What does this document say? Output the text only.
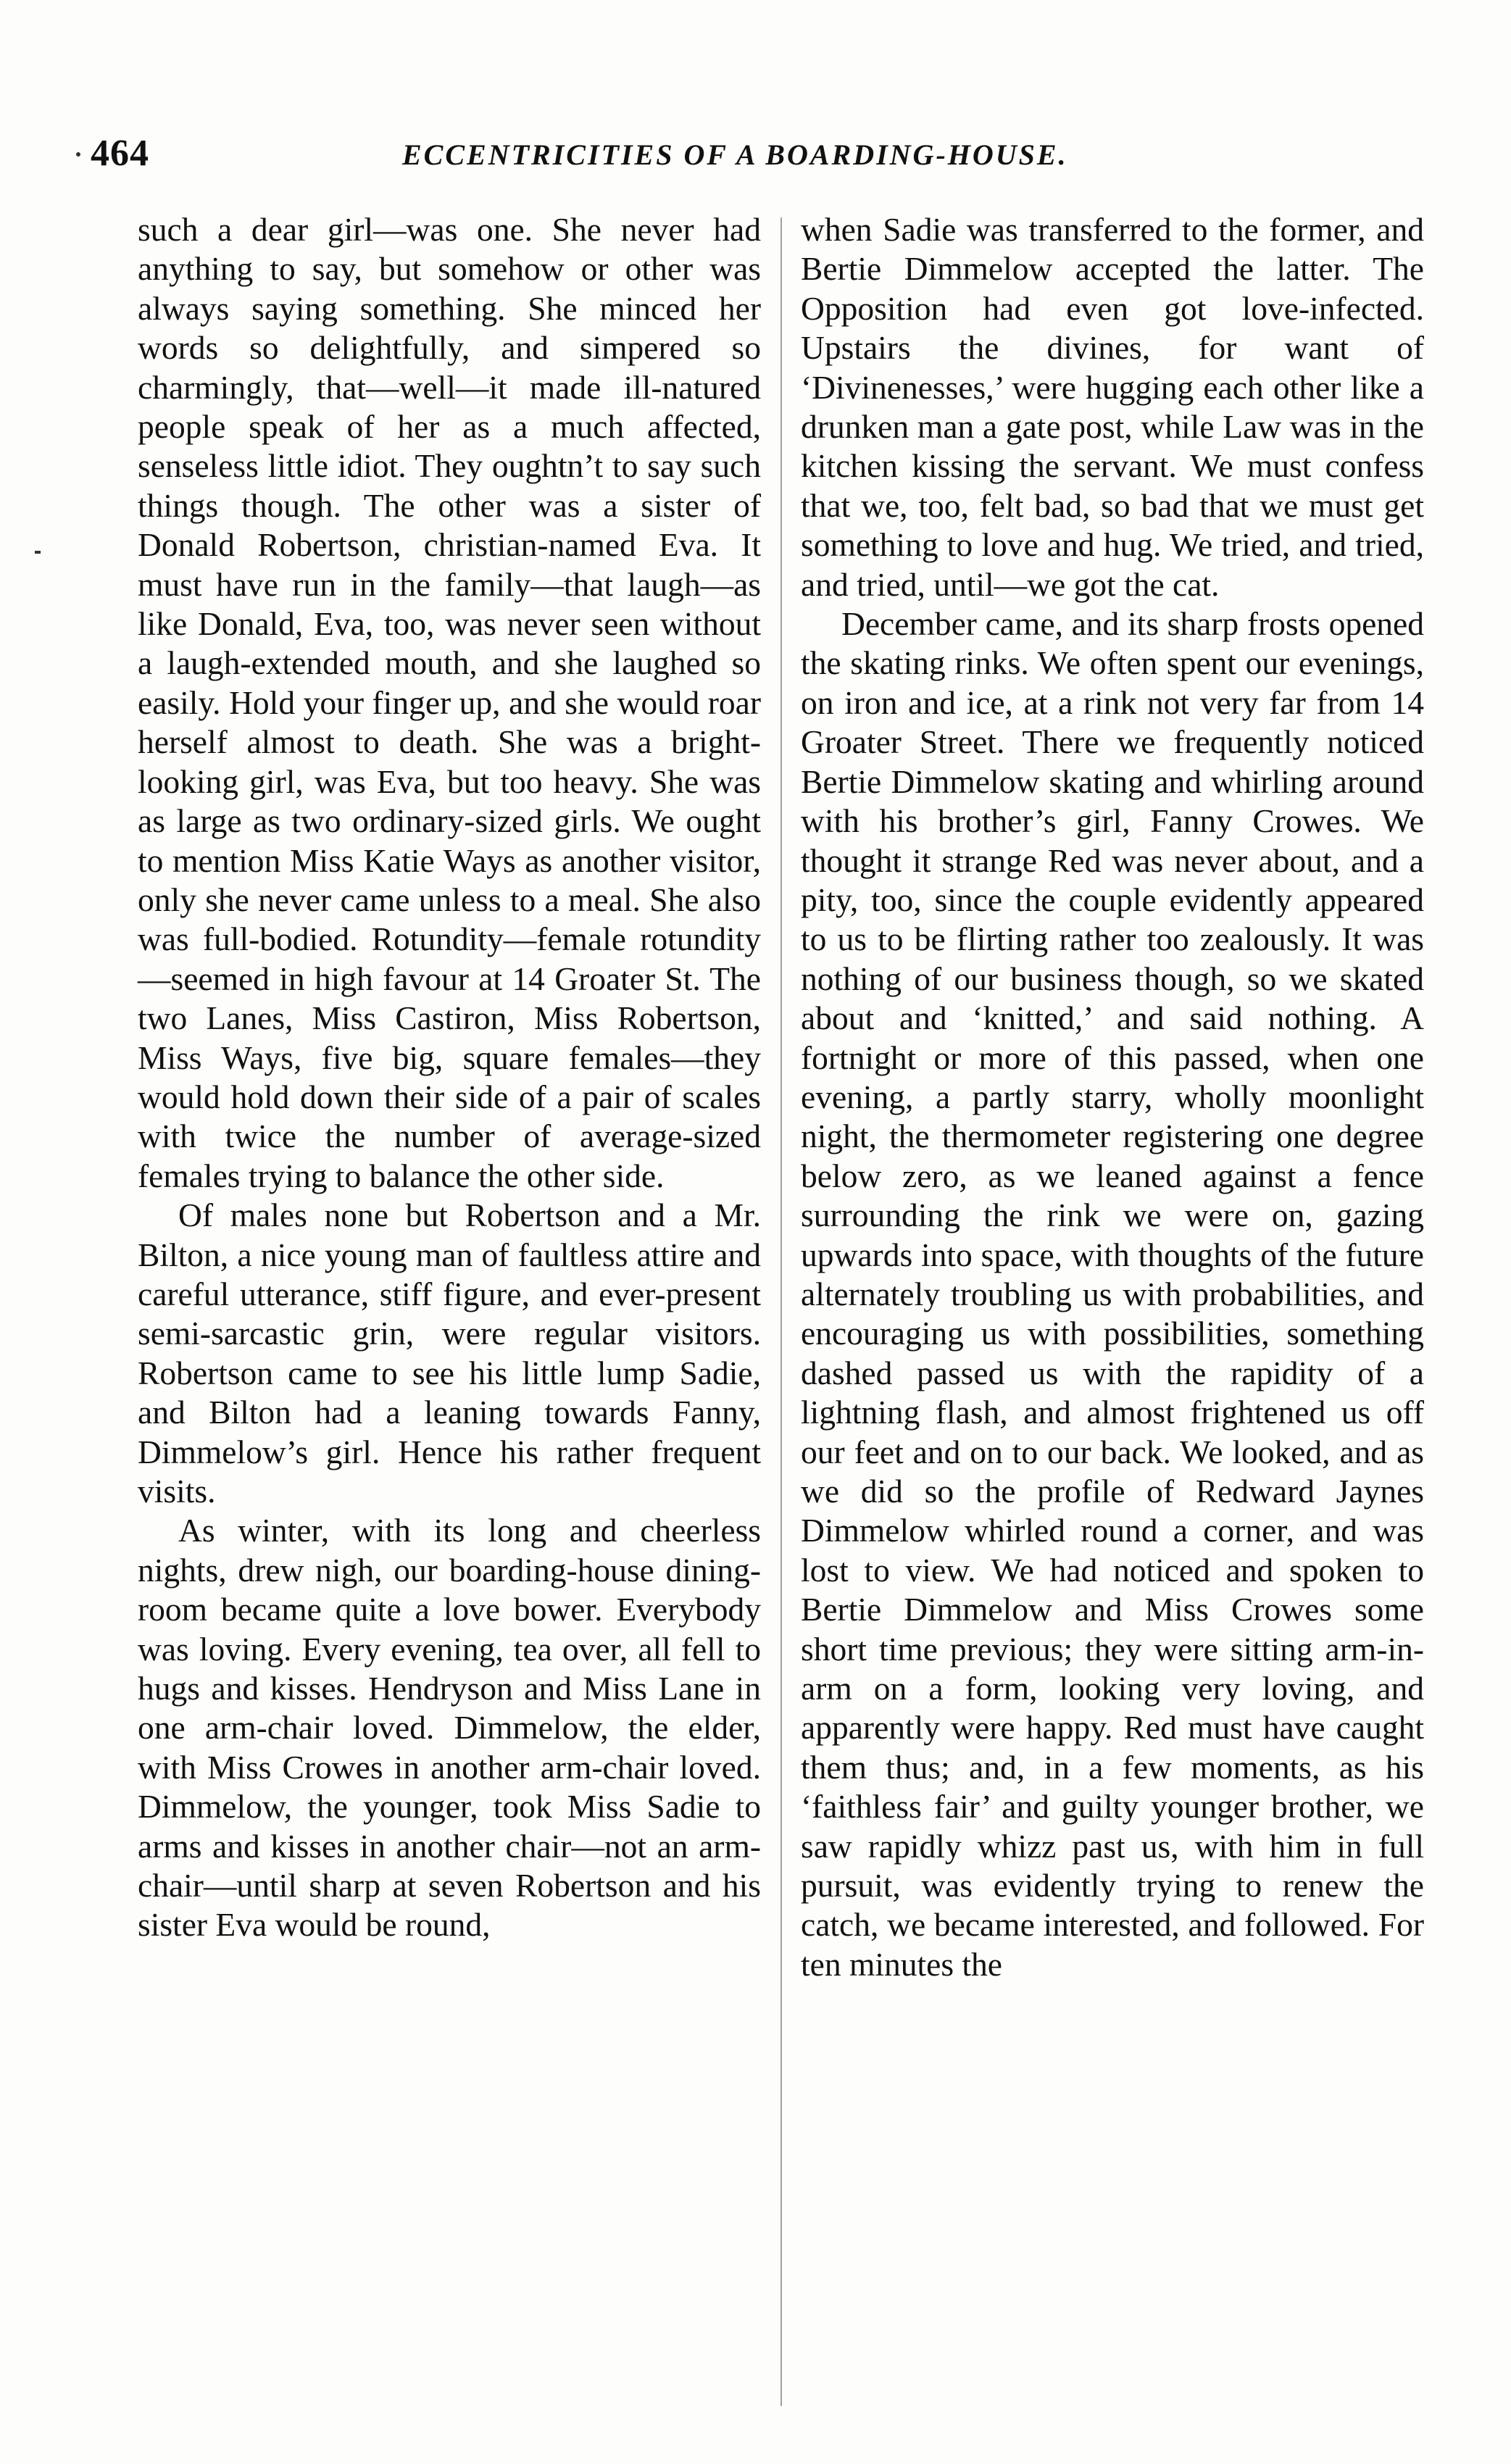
464	ECCENTRICITIES OF A BOARDING-HOUSE.

such a dear girl—was one. She never had anything to say, but somehow or other was always saying something. She minced her words so delightfully, and simpered so charmingly, that—well—it made ill-natured people speak of her as a much affected, senseless little idiot. They oughtn’t to say such things though. The other was a sister of Donald Robertson, christian-named Eva. It must have run in the family—that laugh—as like Donald, Eva, too, was never seen without a laugh-extended mouth, and she laughed so easily. Hold your finger up, and she would roar herself almost to death. She was a bright-looking girl, was Eva, but too heavy. She was as large as two ordinary-sized girls. We ought to mention Miss Katie Ways as another visitor, only she never came unless to a meal. She also was full-bodied. Rotundity—female rotundity—seemed in high favour at 14 Groater St. The two Lanes, Miss Castiron, Miss Robertson, Miss Ways, five big, square females—they would hold down their side of a pair of scales with twice the number of average-sized females trying to balance the other side.

Of males none but Robertson and a Mr. Bilton, a nice young man of faultless attire and careful utterance, stiff figure, and ever-present semi-sarcastic grin, were regular visitors. Robertson came to see his little lump Sadie, and Bilton had a leaning towards Fanny, Dimmelow’s girl. Hence his rather frequent visits.

As winter, with its long and cheerless nights, drew nigh, our boarding-house dining-room became quite a love bower. Everybody was loving. Every evening, tea over, all fell to hugs and kisses. Hendryson and Miss Lane in one arm-chair loved. Dimmelow, the elder, with Miss Crowes in another arm-chair loved. Dimmelow, the younger, took Miss Sadie to arms and kisses in another chair—not an arm-chair—until sharp at seven Robertson and his sister Eva would be round,

when Sadie was transferred to the former, and Bertie Dimmelow accepted the latter. The Opposition had even got love-infected. Upstairs the divines, for want of ‘Divinenesses,’ were hugging each other like a drunken man a gate post, while Law was in the kitchen kissing the servant. We must confess that we, too, felt bad, so bad that we must get something to love and hug. We tried, and tried, and tried, until—we got the cat.

December came, and its sharp frosts opened the skating rinks. We often spent our evenings, on iron and ice, at a rink not very far from 14 Groater Street. There we frequently noticed Bertie Dimmelow skating and whirling around with his brother’s girl, Fanny Crowes. We thought it strange Red was never about, and a pity, too, since the couple evidently appeared to us to be flirting rather too zealously. It was nothing of our business though, so we skated about and ‘knitted,’ and said nothing. A fortnight or more of this passed, when one evening, a partly starry, wholly moonlight night, the thermometer registering one degree below zero, as we leaned against a fence surrounding the rink we were on, gazing upwards into space, with thoughts of the future alternately troubling us with probabilities, and encouraging us with possibilities, something dashed passed us with the rapidity of a lightning flash, and almost frightened us off our feet and on to our back. We looked, and as we did so the profile of Redward Jaynes Dimmelow whirled round a corner, and was lost to view. We had noticed and spoken to Bertie Dimmelow and Miss Crowes some short time previous; they were sitting arm-in-arm on a form, looking very loving, and apparently were happy. Red must have caught them thus; and, in a few moments, as his ‘faithless fair’ and guilty younger brother, we saw rapidly whizz past us, with him in full pursuit, was evidently trying to renew the catch, we became interested, and followed. For ten minutes the
